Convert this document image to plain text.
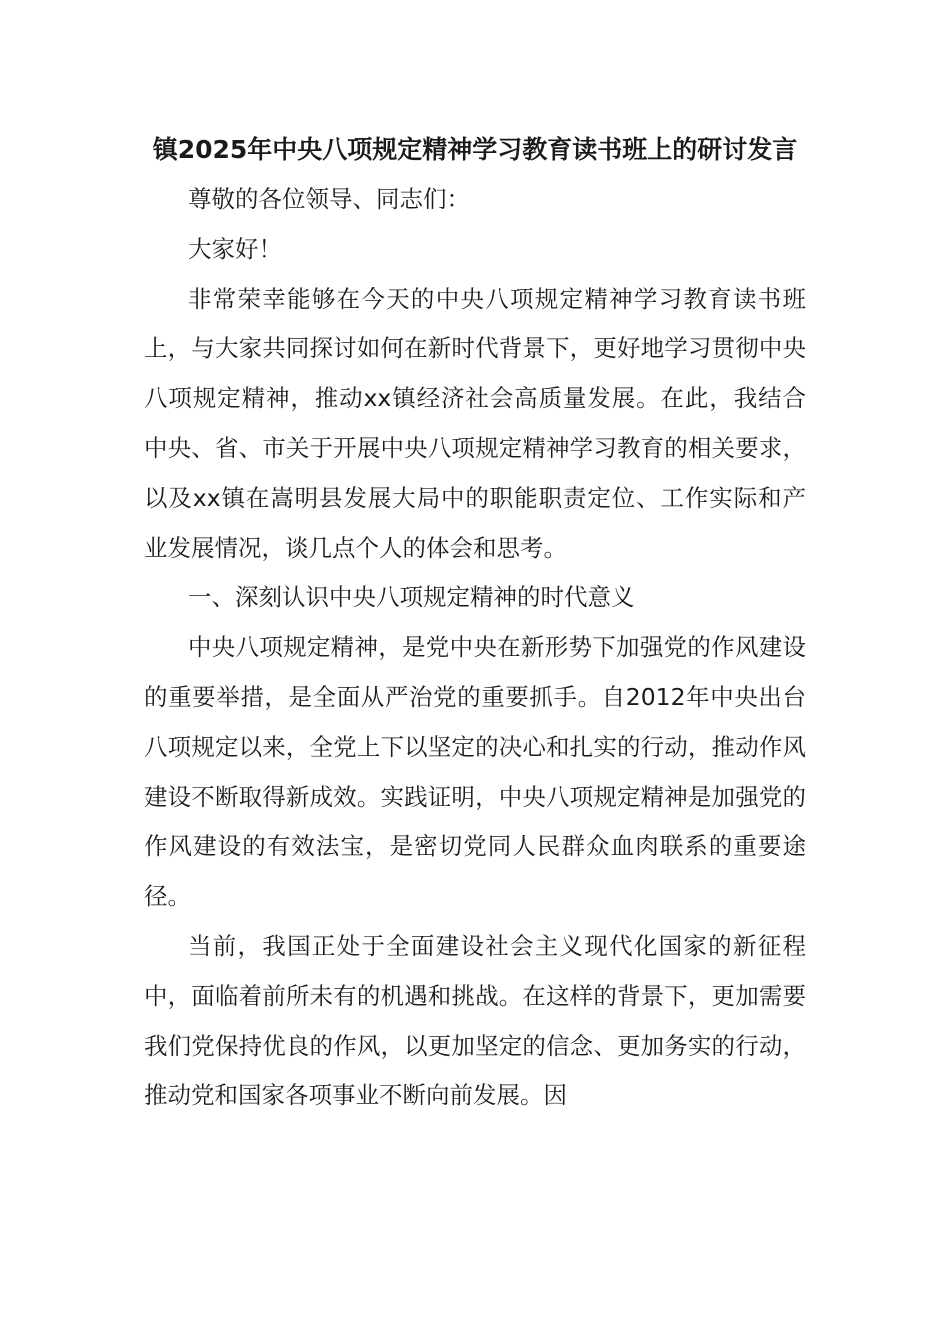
镇2025年中央八项规定精神学习教育读书班上的研讨发言

尊敬的各位领导、同志们：

大家好！

非常荣幸能够在今天的中央八项规定精神学习教育读书班上，与大家共同探讨如何在新时代背景下，更好地学习贯彻中央八项规定精神，推动xx镇经济社会高质量发展。在此，我结合中央、省、市关于开展中央八项规定精神学习教育的相关要求，以及xx镇在嵩明县发展大局中的职能职责定位、工作实际和产业发展情况，谈几点个人的体会和思考。

一、深刻认识中央八项规定精神的时代意义

中央八项规定精神，是党中央在新形势下加强党的作风建设的重要举措，是全面从严治党的重要抓手。自2012年中央出台八项规定以来，全党上下以坚定的决心和扎实的行动，推动作风建设不断取得新成效。实践证明，中央八项规定精神是加强党的作风建设的有效法宝，是密切党同人民群众血肉联系的重要途径。

当前，我国正处于全面建设社会主义现代化国家的新征程中，面临着前所未有的机遇和挑战。在这样的背景下，更加需要我们党保持优良的作风，以更加坚定的信念、更加务实的行动，推动党和国家各项事业不断向前发展。因
